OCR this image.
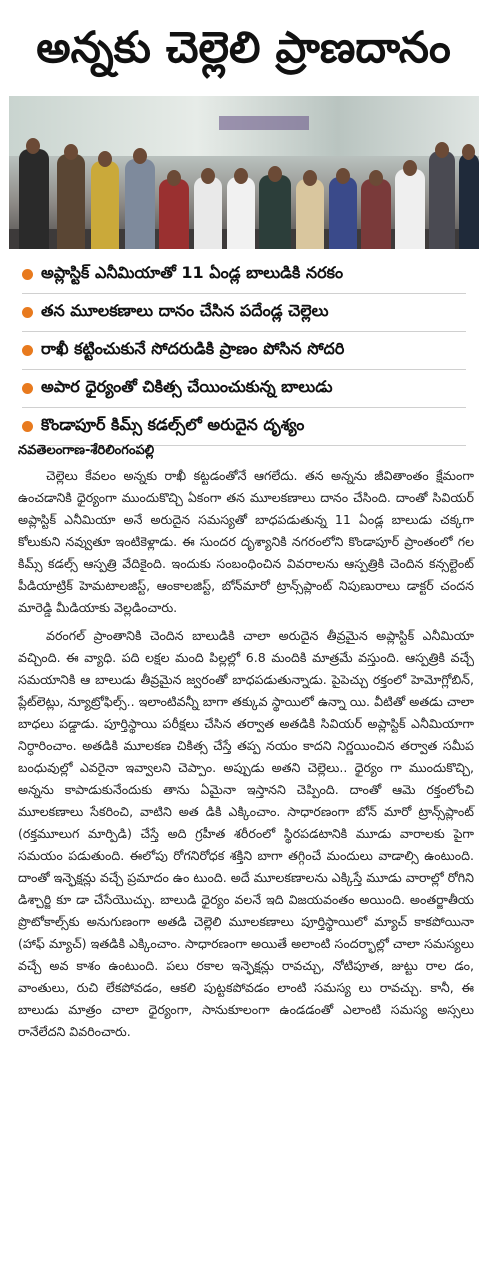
అన్నకు చెల్లెలి ప్రాణదానం
అప్లాస్టిక్ ఎనీమియాతో 11 ఏండ్ల బాలుడికి నరకం
తన మూలకణాలు దానం చేసిన పదేండ్ల చెల్లెలు
రాఖీ కట్టించుకునే సోదరుడికి ప్రాణం పోసిన సోదరి
అపార ధైర్యంతో చికిత్స చేయించుకున్న బాలుడు
కొండాపూర్ కిమ్స్ కడల్స్‌లో అరుదైన దృశ్యం
నవతెలంగాణ-శేరిలింగంపల్లి

చెల్లెలు కేవలం అన్నకు రాఖీ కట్టడంతోనే ఆగలేదు. తన అన్నను జీవితాంతం క్షేమంగా ఉంచడానికి ధైర్యంగా ముందుకొచ్చి ఏకంగా తన మూలకణాలు దానం చేసింది. దాంతో సివియర్ అప్లాస్టిక్ ఎనీమియా అనే అరుదైన సమస్యతో బాధపడుతున్న 11 ఏండ్ల బాలుడు చక్కగా కోలుకుని నవ్వుతూ ఇంటికెళ్లాడు. ఈ సుందర దృశ్యానికి నగరంలోని కొండాపూర్ ప్రాంతంలో గల కిమ్స్ కడల్స్ ఆస్పత్రి వేదికైంది. ఇందుకు సంబంధించిన వివరాలను ఆస్పత్రికి చెందిన కన్సల్టెంట్ పీడియాట్రిక్ హెమటాలజిస్ట్, ఆంకాలజిస్ట్, బోన్‌మారో ట్రాన్స్‌ప్లాంట్ నిపుణురాలు డాక్టర్ చందన మారెడ్డి మీడియాకు వెల్లడించారు.

వరంగల్ ప్రాంతానికి చెందిన బాలుడికి చాలా అరుదైన తీవ్రమైన అప్లాస్టిక్ ఎనీమియా వచ్చింది. ఈ వ్యాధి. పది లక్షల మంది పిల్లల్లో 6.8 మందికి మాత్రమే వస్తుంది. ఆస్పత్రికి వచ్చే సమయానికి ఆ బాలుడు తీవ్రమైన జ్వరంతో బాధపడుతున్నాడు. పైపెచ్చు రక్తంలో హెమోగ్లోబిన్, ప్లేట్‌లెట్లు, న్యూట్రోఫిల్స్.. ఇలాంటివన్నీ బాగా తక్కువ స్థాయిలో ఉన్నా యి. వీటితో అతడు చాలా బాధలు పడ్డాడు. పూర్తిస్థాయి పరీక్షలు చేసిన తర్వాత అతడికి సివియర్ అప్లాస్టిక్ ఎనీమియాగా నిర్ధారించాం. అతడికి మూలకణ చికిత్స చేస్తే తప్ప నయం కాదని నిర్ణయించిన తర్వాత సమీప బంధువుల్లో ఎవరైనా ఇవ్వాలని చెప్పాం. అప్పుడు అతని చెల్లెలు.. ధైర్యం గా ముందుకొచ్చి, అన్నను కాపాడుకునేందుకు తాను ఏమైనా ఇస్తానని చెప్పింది. దాంతో ఆమె రక్తంలోంచి మూలకణాలు సేకరించి, వాటిని అత డికి ఎక్కించాం. సాధారణంగా బోన్ మారో ట్రాన్స్‌ప్లాంట్ (రక్తమూలుగ మార్పిడి) చేస్తే అది గ్రహీత శరీరంలో స్థిరపడటానికి మూడు వారాలకు పైగా సమయం పడుతుంది. ఈలోపు రోగనిరోధక శక్తిని బాగా తగ్గించే మందులు వాడాల్సి ఉంటుంది. దాంతో ఇన్ఫెక్షన్లు వచ్చే ప్రమాదం ఉం టుంది. అదే మూలకణాలను ఎక్కిస్తే మూడు వారాల్లో రోగిని డిశ్చార్జి కూ డా చేసేయొచ్చు. బాలుడి ధైర్యం వలనే ఇది విజయవంతం అయింది. అంతర్జాతీయ ప్రొటోకాల్స్‌కు అనుగుణంగా అతడి చెల్లెలి మూలకణాలు పూర్తిస్థాయిలో మ్యాచ్ కాకపోయినా (హాఫ్ మ్యాచ్) ఇతడికి ఎక్కించాం. సాధారణంగా అయితే అలాంటి సందర్భాల్లో చాలా సమస్యలు వచ్చే అవ కాశం ఉంటుంది. పలు రకాల ఇన్ఫెక్షన్లు రావచ్చు, నోటిపూత, జుట్టు రాల డం, వాంతులు, రుచి లేకపోవడం, ఆకలి పుట్టకపోవడం లాంటి సమస్య లు రావచ్చు. కానీ, ఈ బాలుడు మాత్రం చాలా ధైర్యంగా, సానుకూలంగా ఉండడంతో ఎలాంటి సమస్య అస్సలు రానేలేదని వివరించారు.
